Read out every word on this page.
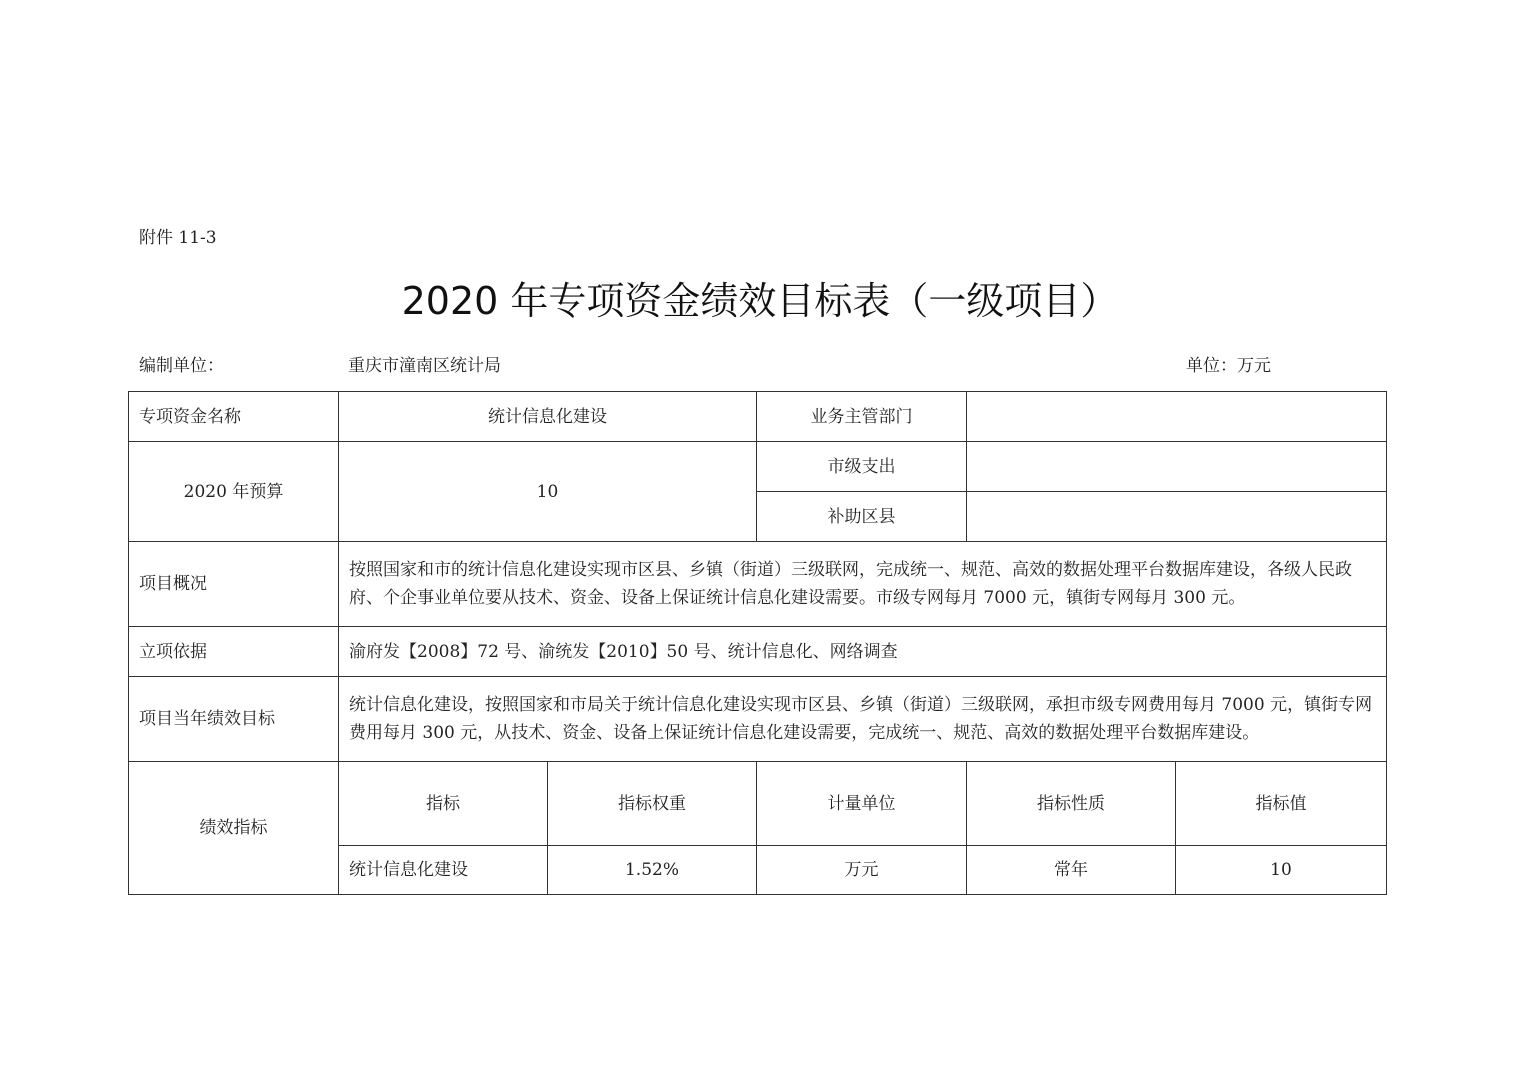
附件 11-3
2020 年专项资金绩效目标表（一级项目）
编制单位：	重庆市潼南区统计局	单位：万元
专项资金名称	统计信息化建设		业务主管部门		
2020 年预算	10		市级支出		
			补助区县		
项目概况	按照国家和市的统计信息化建设实现市区县、乡镇（街道）三级联网，完成统一、规范、高效的数据处理平台数据库建设，各级人民政府、个企事业单位要从技术、资金、设备上保证统计信息化建设需要。市级专网每月 7000 元，镇街专网每月 300 元。				
立项依据	渝府发【2008】72 号、渝统发【2010】50 号、统计信息化、网络调查				
项目当年绩效目标	统计信息化建设，按照国家和市局关于统计信息化建设实现市区县、乡镇（街道）三级联网，承担市级专网费用每月 7000 元，镇街专网费用每月 300 元，从技术、资金、设备上保证统计信息化建设需要，完成统一、规范、高效的数据处理平台数据库建设。				
绩效指标	指标	指标权重	计量单位	指标性质	指标值
	统计信息化建设	1.52%	万元	常年	10
